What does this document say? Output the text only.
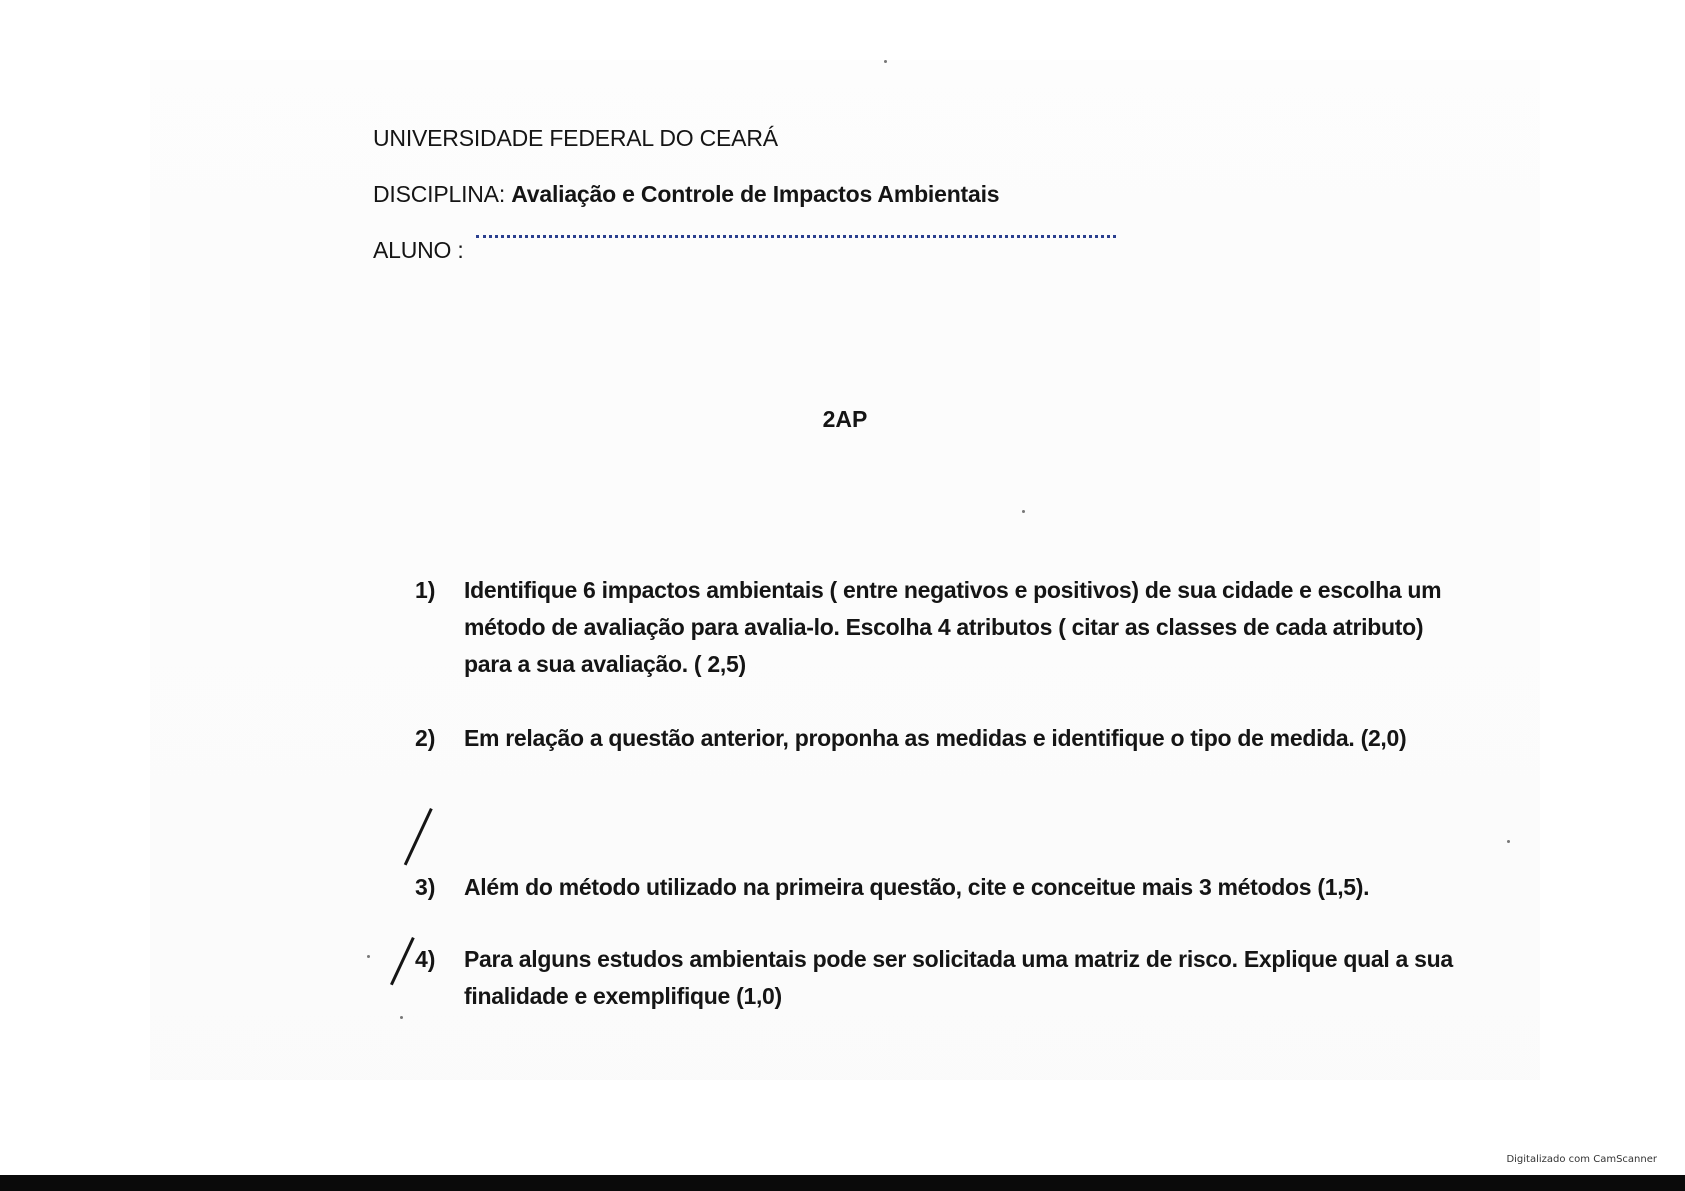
UNIVERSIDADE FEDERAL DO CEARÁ
DISCIPLINA: Avaliação e Controle de Impactos Ambientais
ALUNO :
2AP
1)	Identifique 6 impactos ambientais ( entre negativos e positivos) de sua cidade e escolha um método de avaliação para avalia-lo. Escolha 4 atributos ( citar as classes de cada atributo) para a sua avaliação. ( 2,5)
2)	Em relação a questão anterior, proponha as medidas e identifique o tipo de medida. (2,0)
3)	Além do método utilizado na primeira questão, cite e conceitue mais 3 métodos (1,5).
4)	Para alguns estudos ambientais pode ser solicitada uma matriz de risco. Explique qual a sua finalidade e exemplifique (1,0)
Digitalizado com CamScanner
